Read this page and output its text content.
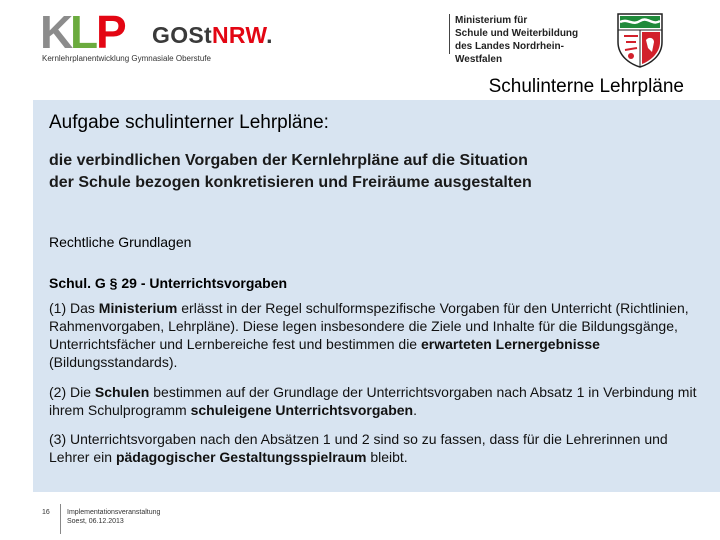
K
L
P GOStNRW.
Kernlehrplanentwicklung Gymnasiale Oberstufe
Ministerium für
Schule und Weiterbildung
des Landes Nordrhein-Westfalen
Schulinterne Lehrpläne
Aufgabe schulinterner Lehrpläne:
die verbindlichen Vorgaben der Kernlehrpläne auf die Situation
der Schule bezogen konkretisieren und Freiräume ausgestalten
Rechtliche Grundlagen
Schul. G § 29 - Unterrichtsvorgaben
(1) Das Ministerium erlässt in der Regel schulformspezifische Vorgaben für den Unterricht (Richtlinien, Rahmenvorgaben, Lehrpläne). Diese legen insbesondere die Ziele und Inhalte für die Bildungsgänge, Unterrichtsfächer und Lernbereiche fest und bestimmen die erwarteten Lernergebnisse (Bildungsstandards).
(2) Die Schulen bestimmen auf der Grundlage der Unterrichtsvorgaben nach Absatz 1 in Verbindung mit ihrem Schulprogramm schuleigene Unterrichtsvorgaben.
(3) Unterrichtsvorgaben nach den Absätzen 1 und 2 sind so zu fassen, dass für die Lehrerinnen und Lehrer ein pädagogischer Gestaltungsspielraum bleibt.
16 Implementationsveranstaltung
Soest, 06.12.2013
